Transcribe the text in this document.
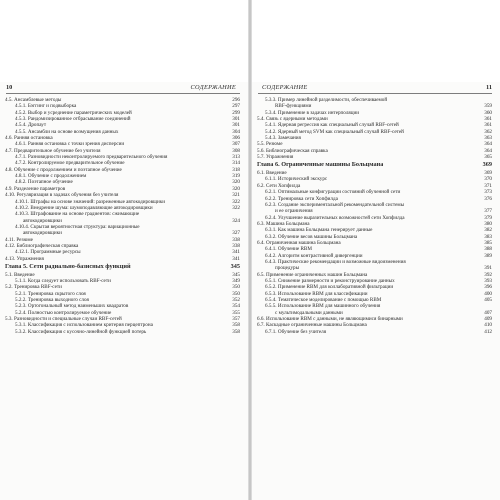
10	СОДЕРЖАНИЕ
4.5. Ансамблевые методы	296
4.5.1. Бэггинг и подвыборка	297
4.5.2. Выбор и усреднение параметрических моделей	299
4.5.3. Рандомизированное отбрасывание соединений	301
4.5.4. Дропаут	301
4.5.5. Ансамбли на основе возмущения данных	304
4.6. Ранняя остановка	306
4.6.1. Ранняя остановка с точки зрения дисперсии	307
4.7. Предварительное обучение без учителя	308
4.7.1. Разновидности неконтролируемого предварительного обучения	313
4.7.2. Контролируемое предварительное обучение	314
4.8. Обучение с продолжением и поэтапное обучение	318
4.8.1. Обучение с продолжением	319
4.8.2. Поэтапное обучение	320
4.9. Разделение параметров	320
4.10. Регуляризация в задачах обучения без учителя	321
4.10.1. Штрафы на основе значений: разреженные автокодировщики	322
4.10.2. Внедрение шума: шумоподавляющие автокодировщики	322
4.10.3. Штрафование на основе градиентов: сжимающие
автокодировщики	324
4.10.4. Скрытая вероятностная структура: вариационные
автокодировщики	327
4.11. Резюме	338
4.12. Библиографическая справка	338
4.12.1. Программные ресурсы	341
4.13. Упражнения	341
Глава 5. Сети радиально-базисных функций	345
5.1. Введение	345
5.1.1. Когда следует использовать RBF-сети	349
5.2. Тренировка RBF-сети	350
5.2.1. Тренировка скрытого слоя	350
5.2.2. Тренировка выходного слоя	352
5.2.3. Ортогональный метод наименьших квадратов	354
5.2.4. Полностью контролируемое обучение	355
5.3. Разновидности и специальные случаи RBF-сетей	357
5.3.1. Классификация с использованием критерия перцептрона	358
5.3.2. Классификация с кусочно-линейной функцией потерь	358
СОДЕРЖАНИЕ	11
5.3.3. Пример линейной разделимости, обеспечиваемой
RBF-функциями	359
5.3.4. Применение в задачах интерполяции	360
5.4. Связь с ядерными методами	361
5.4.1. Ядерная регрессия как специальный случай RBF-сетей	361
5.4.2. Ядерный метод SVM как специальный случай RBF-сетей	362
5.4.3. Замечания	363
5.5. Резюме	364
5.6. Библиографическая справка	364
5.7. Упражнения	365
Глава 6. Ограниченные машины Больцмана	369
6.1. Введение	369
6.1.1. Исторический экскурс	370
6.2. Сети Хопфилда	371
6.2.1. Оптимальные конфигурации состояний обученной сети	373
6.2.2. Тренировка сети Хопфилда	376
6.2.3. Создание экспериментальной рекомендательной системы
и ее ограничения	377
6.2.4. Улучшение выразительных возможностей сети Хопфилда	379
6.3. Машина Больцмана	380
6.3.1. Как машина Больцмана генерирует данные	382
6.3.2. Обучение весов машины Больцмана	383
6.4. Ограниченная машина Больцмана	385
6.4.1. Обучение RBM	388
6.4.2. Алгоритм контрастивной дивергенции	389
6.4.3. Практические рекомендации и возможные видоизменения
процедуры	391
6.5. Применение ограниченных машин Больцмана	392
6.5.1. Снижение размерности и реконструирование данных	393
6.5.2. Применение RBM для коллаборативной фильтрации	396
6.5.3. Использование RBM для классификации	400
6.5.4. Тематическое моделирование с помощью RBM	405
6.5.5. Использование RBM для машинного обучения
с мультимодальными данными	407
6.6. Использование RBM с данными, не являющимися бинарными	409
6.7. Каскадные ограниченные машины Больцмана	410
6.7.1. Обучение без учителя	412
